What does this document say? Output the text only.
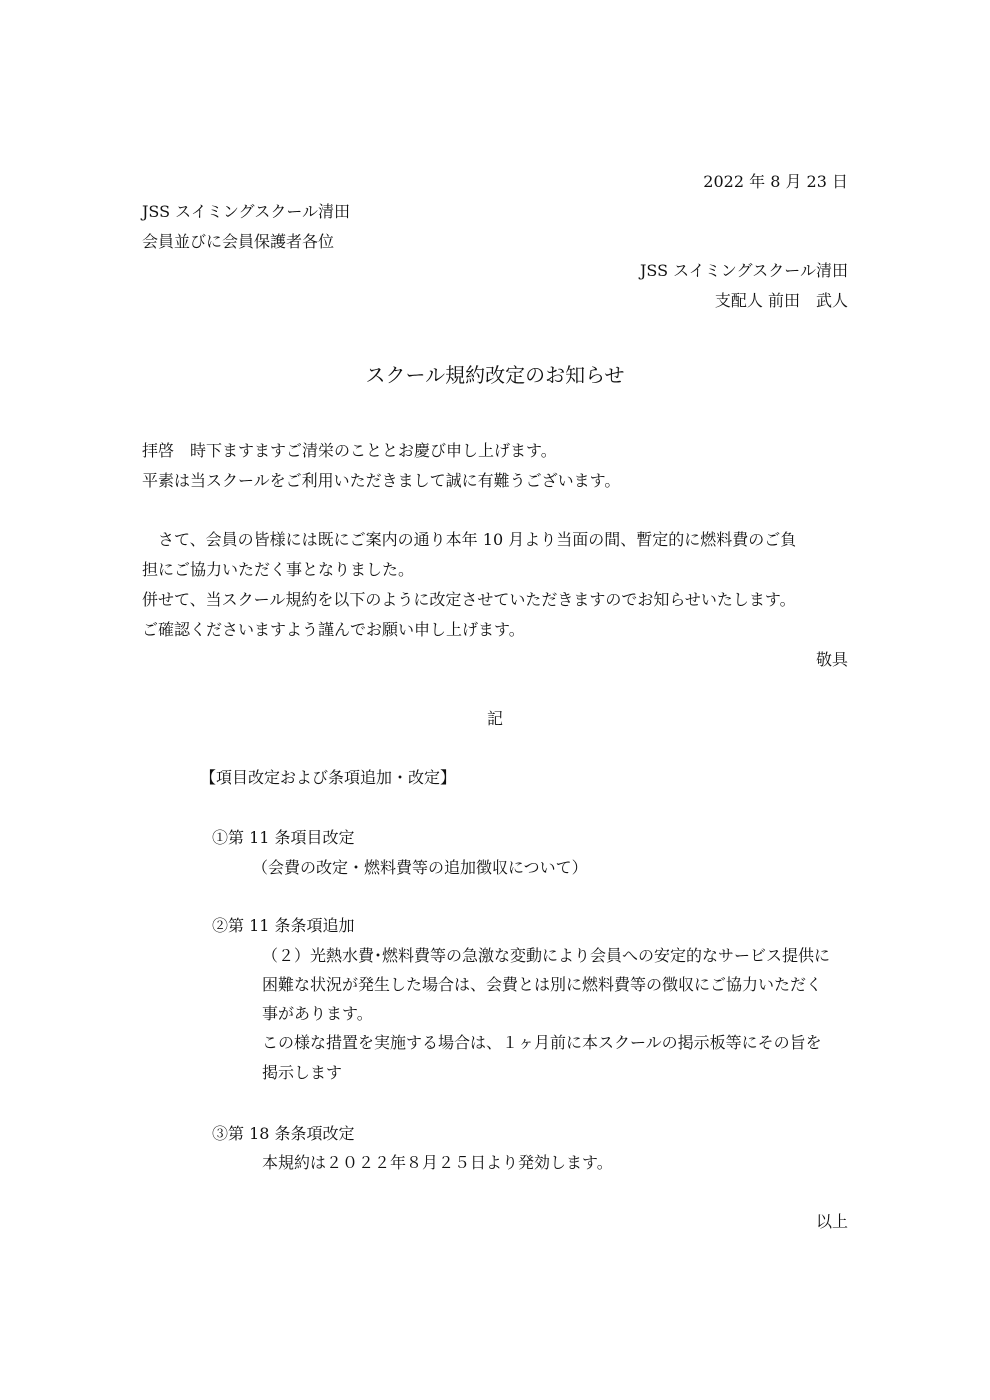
2022 年 8 月 23 日
JSS スイミングスクール清田
会員並びに会員保護者各位
JSS スイミングスクール清田
支配人 前田　武人
スクール規約改定のお知らせ
拝啓　時下ますますご清栄のこととお慶び申し上げます。
平素は当スクールをご利用いただきまして誠に有難うございます。
　さて、会員の皆様には既にご案内の通り本年 10 月より当面の間、暫定的に燃料費のご負
担にご協力いただく事となりました。
併せて、当スクール規約を以下のように改定させていただきますのでお知らせいたします。
ご確認くださいますよう謹んでお願い申し上げます。
敬具
記
【項目改定および条項追加・改定】
①第 11 条項目改定
（会費の改定・燃料費等の追加徴収について）
②第 11 条条項追加
（２）光熱水費･燃料費等の急激な変動により会員への安定的なサービス提供に
困難な状況が発生した場合は、会費とは別に燃料費等の徴収にご協力いただく
事があります。
この様な措置を実施する場合は、１ヶ月前に本スクールの掲示板等にその旨を
掲示します
③第 18 条条項改定
本規約は２０２２年８月２５日より発効します。
以上
